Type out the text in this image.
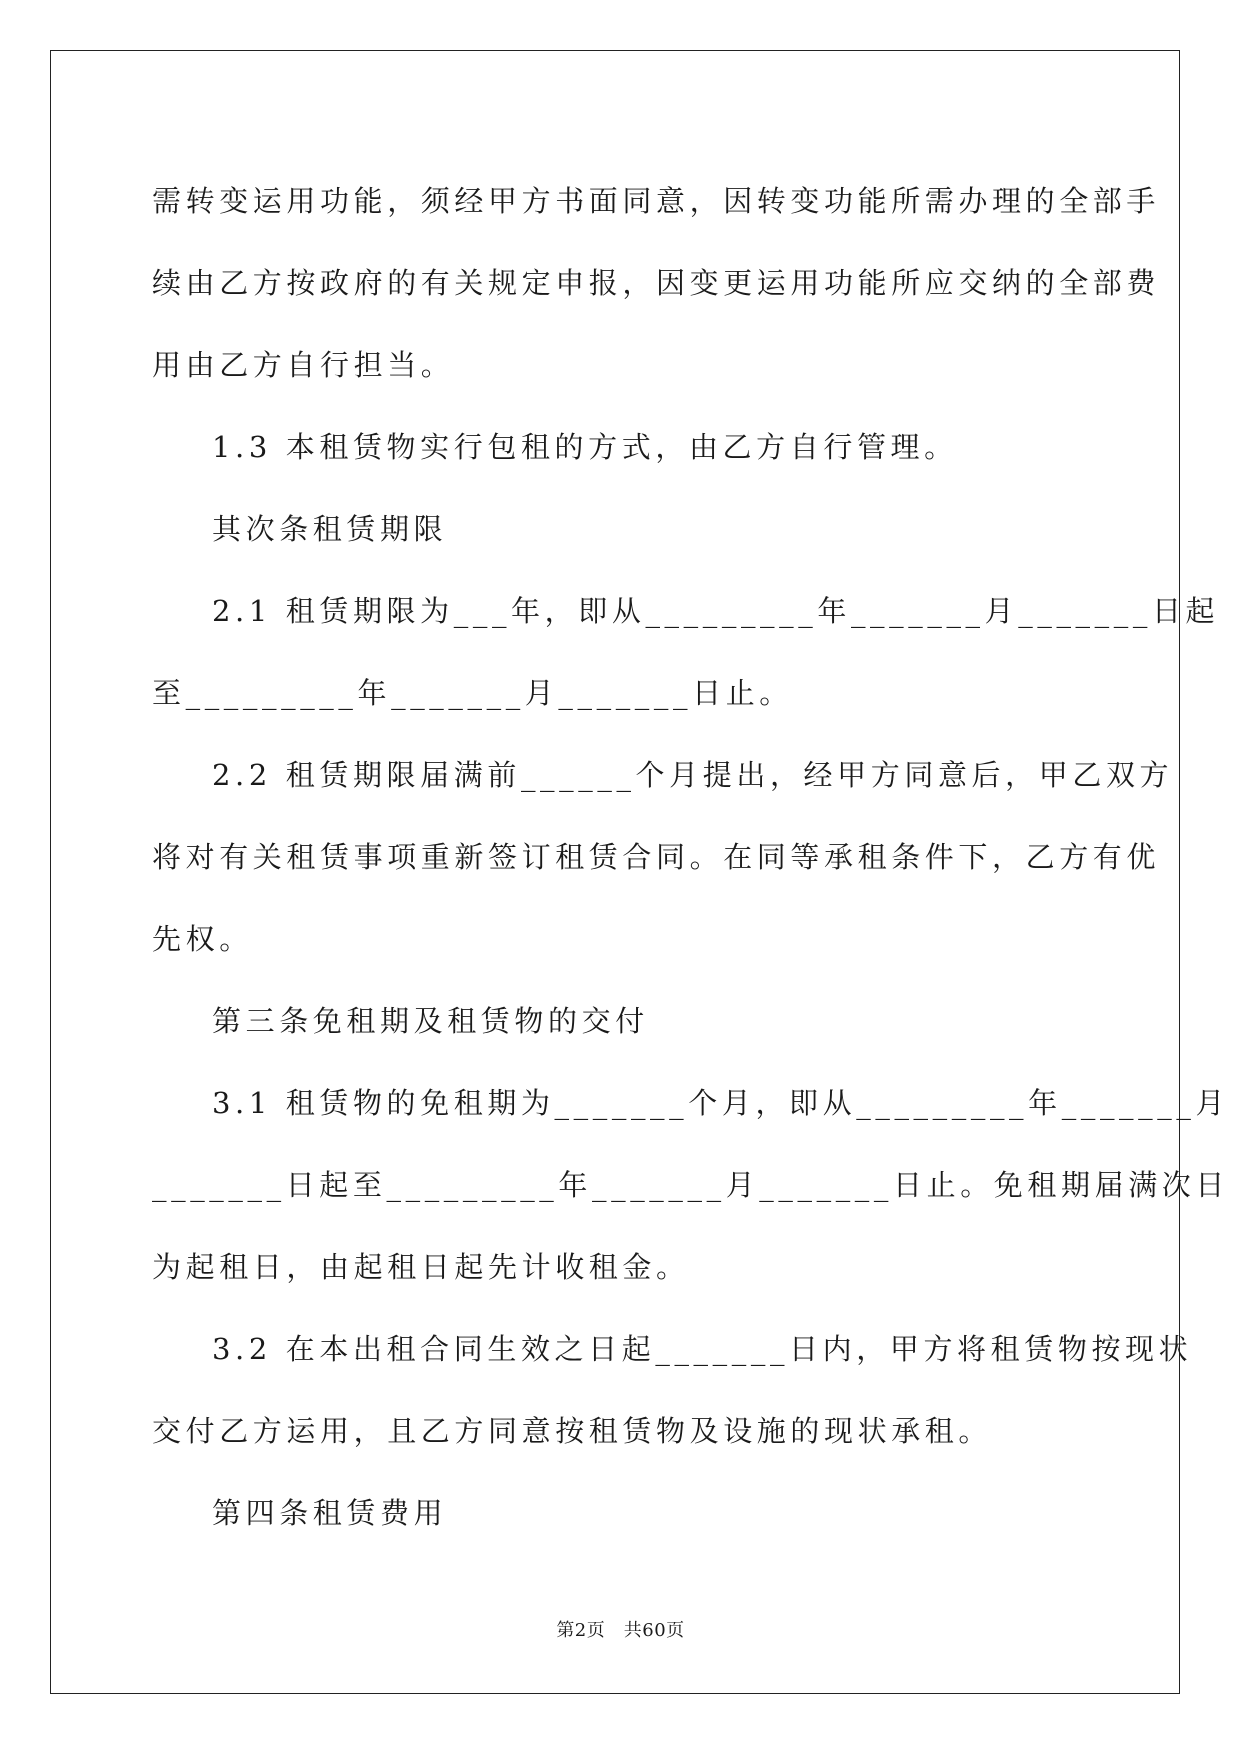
需转变运用功能，须经甲方书面同意，因转变功能所需办理的全部手
续由乙方按政府的有关规定申报，因变更运用功能所应交纳的全部费
用由乙方自行担当。
1.3 本租赁物实行包租的方式，由乙方自行管理。
其次条租赁期限
2.1 租赁期限为___年，即从_________年_______月_______日起
至_________年_______月_______日止。
2.2 租赁期限届满前______个月提出，经甲方同意后，甲乙双方
将对有关租赁事项重新签订租赁合同。在同等承租条件下，乙方有优
先权。
第三条免租期及租赁物的交付
3.1 租赁物的免租期为_______个月，即从_________年_______月
_______日起至_________年_______月_______日止。免租期届满次日
为起租日，由起租日起先计收租金。
3.2 在本出租合同生效之日起_______日内，甲方将租赁物按现状
交付乙方运用，且乙方同意按租赁物及设施的现状承租。
第四条租赁费用
第2页　共60页
